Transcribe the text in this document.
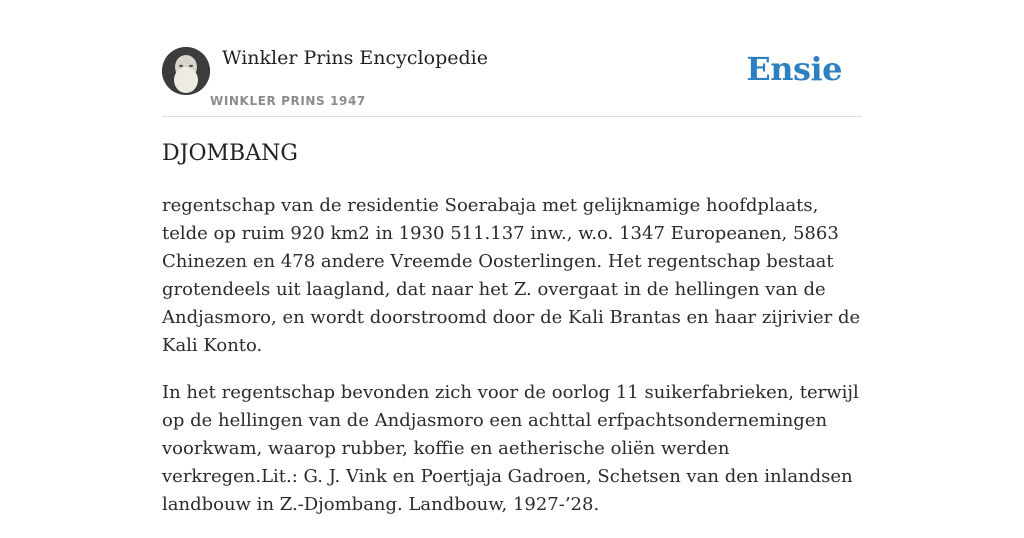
Winkler Prins Encyclopedie
WINKLER PRINS 1947
Ensie
DJOMBANG

regentschap van de residentie Soerabaja met gelijknamige hoofdplaats, telde op ruim 920 km2 in 1930 511.137 inw., w.o. 1347 Europeanen, 5863 Chinezen en 478 andere Vreemde Oosterlingen. Het regentschap bestaat grotendeels uit laagland, dat naar het Z. overgaat in de hellingen van de Andjasmoro, en wordt doorstroomd door de Kali Brantas en haar zijrivier de Kali Konto.

In het regentschap bevonden zich voor de oorlog 11 suikerfabrieken, terwijl op de hellingen van de Andjasmoro een achttal erfpachtsondernemingen voorkwam, waarop rubber, koffie en aetherische oliën werden verkregen.Lit.: G. J. Vink en Poertjaja Gadroen, Schetsen van den inlandsen landbouw in Z.-Djombang. Landbouw, 1927-’28.
